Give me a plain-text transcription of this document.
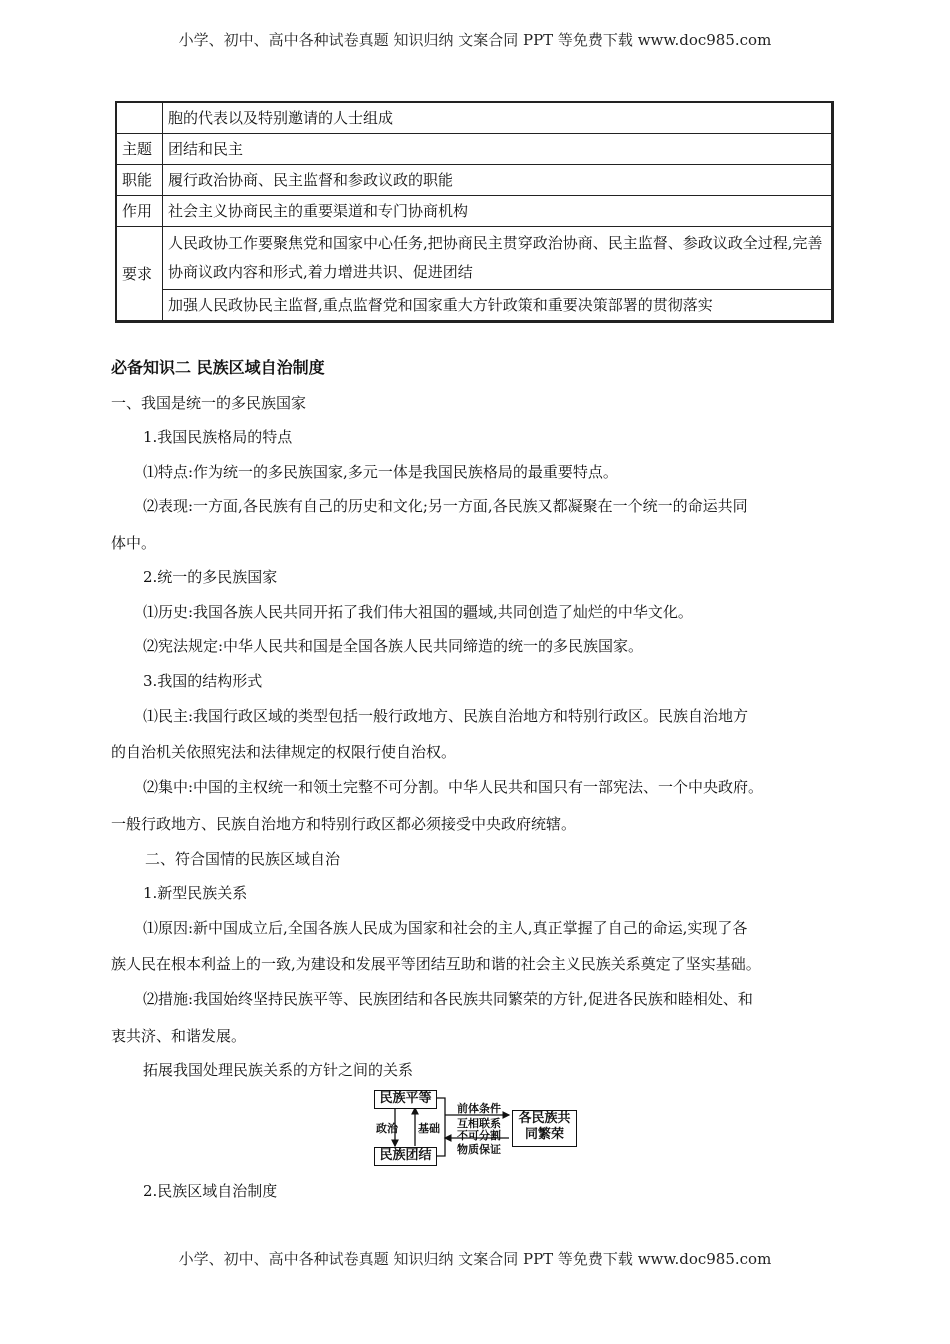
小学、初中、高中各种试卷真题 知识归纳 文案合同 PPT 等免费下载 www.doc985.com
	胞的代表以及特别邀请的人士组成
主题	团结和民主
职能	履行政治协商、民主监督和参政议政的职能
作用	社会主义协商民主的重要渠道和专门协商机构
要求	人民政协工作要聚焦党和国家中心任务,把协商民主贯穿政治协商、民主监督、参政议政全过程,完善协商议政内容和形式,着力增进共识、促进团结
	加强人民政协民主监督,重点监督党和国家重大方针政策和重要决策部署的贯彻落实
必备知识二 民族区域自治制度
一、我国是统一的多民族国家
1.我国民族格局的特点
⑴特点:作为统一的多民族国家,多元一体是我国民族格局的最重要特点。
⑵表现:一方面,各民族有自己的历史和文化;另一方面,各民族又都凝聚在一个统一的命运共同
体中。
2.统一的多民族国家
⑴历史:我国各族人民共同开拓了我们伟大祖国的疆域,共同创造了灿烂的中华文化。
⑵宪法规定:中华人民共和国是全国各族人民共同缔造的统一的多民族国家。
3.我国的结构形式
⑴民主:我国行政区域的类型包括一般行政地方、民族自治地方和特别行政区。民族自治地方
的自治机关依照宪法和法律规定的权限行使自治权。
⑵集中:中国的主权统一和领土完整不可分割。中华人民共和国只有一部宪法、一个中央政府。
一般行政地方、民族自治地方和特别行政区都必须接受中央政府统辖。
二、符合国情的民族区域自治
1.新型民族关系
⑴原因:新中国成立后,全国各族人民成为国家和社会的主人,真正掌握了自己的命运,实现了各
族人民在根本利益上的一致,为建设和发展平等团结互助和谐的社会主义民族关系奠定了坚实基础。
⑵措施:我国始终坚持民族平等、民族团结和各民族共同繁荣的方针,促进各民族和睦相处、和
衷共济、和谐发展。
拓展我国处理民族关系的方针之间的关系
民族平等
民族团结
各民族共
同繁荣
政治 基础
前体条件
互相联系
不可分割
物质保证
2.民族区域自治制度
小学、初中、高中各种试卷真题 知识归纳 文案合同 PPT 等免费下载 www.doc985.com
